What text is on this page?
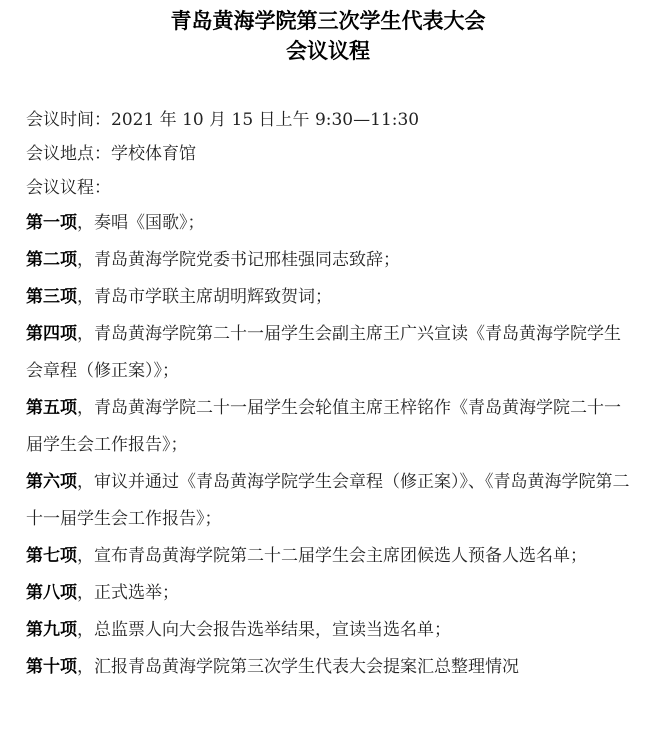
青岛黄海学院第三次学生代表大会
会议议程

会议时间：2021 年 10 月 15 日上午 9:30—11:30

会议地点：学校体育馆

会议议程：

第一项，奏唱《国歌》；
第二项，青岛黄海学院党委书记邢桂强同志致辞；
第三项，青岛市学联主席胡明辉致贺词；
第四项，青岛黄海学院第二十一届学生会副主席王广兴宣读《青岛黄海学院学生会章程（修正案）》；
第五项，青岛黄海学院二十一届学生会轮值主席王梓铭作《青岛黄海学院二十一届学生会工作报告》；
第六项，审议并通过《青岛黄海学院学生会章程（修正案）》、《青岛黄海学院第二十一届学生会工作报告》；
第七项，宣布青岛黄海学院第二十二届学生会主席团候选人预备人选名单；
第八项，正式选举；
第九项，总监票人向大会报告选举结果，宣读当选名单；
第十项，汇报青岛黄海学院第三次学生代表大会提案汇总整理情况
